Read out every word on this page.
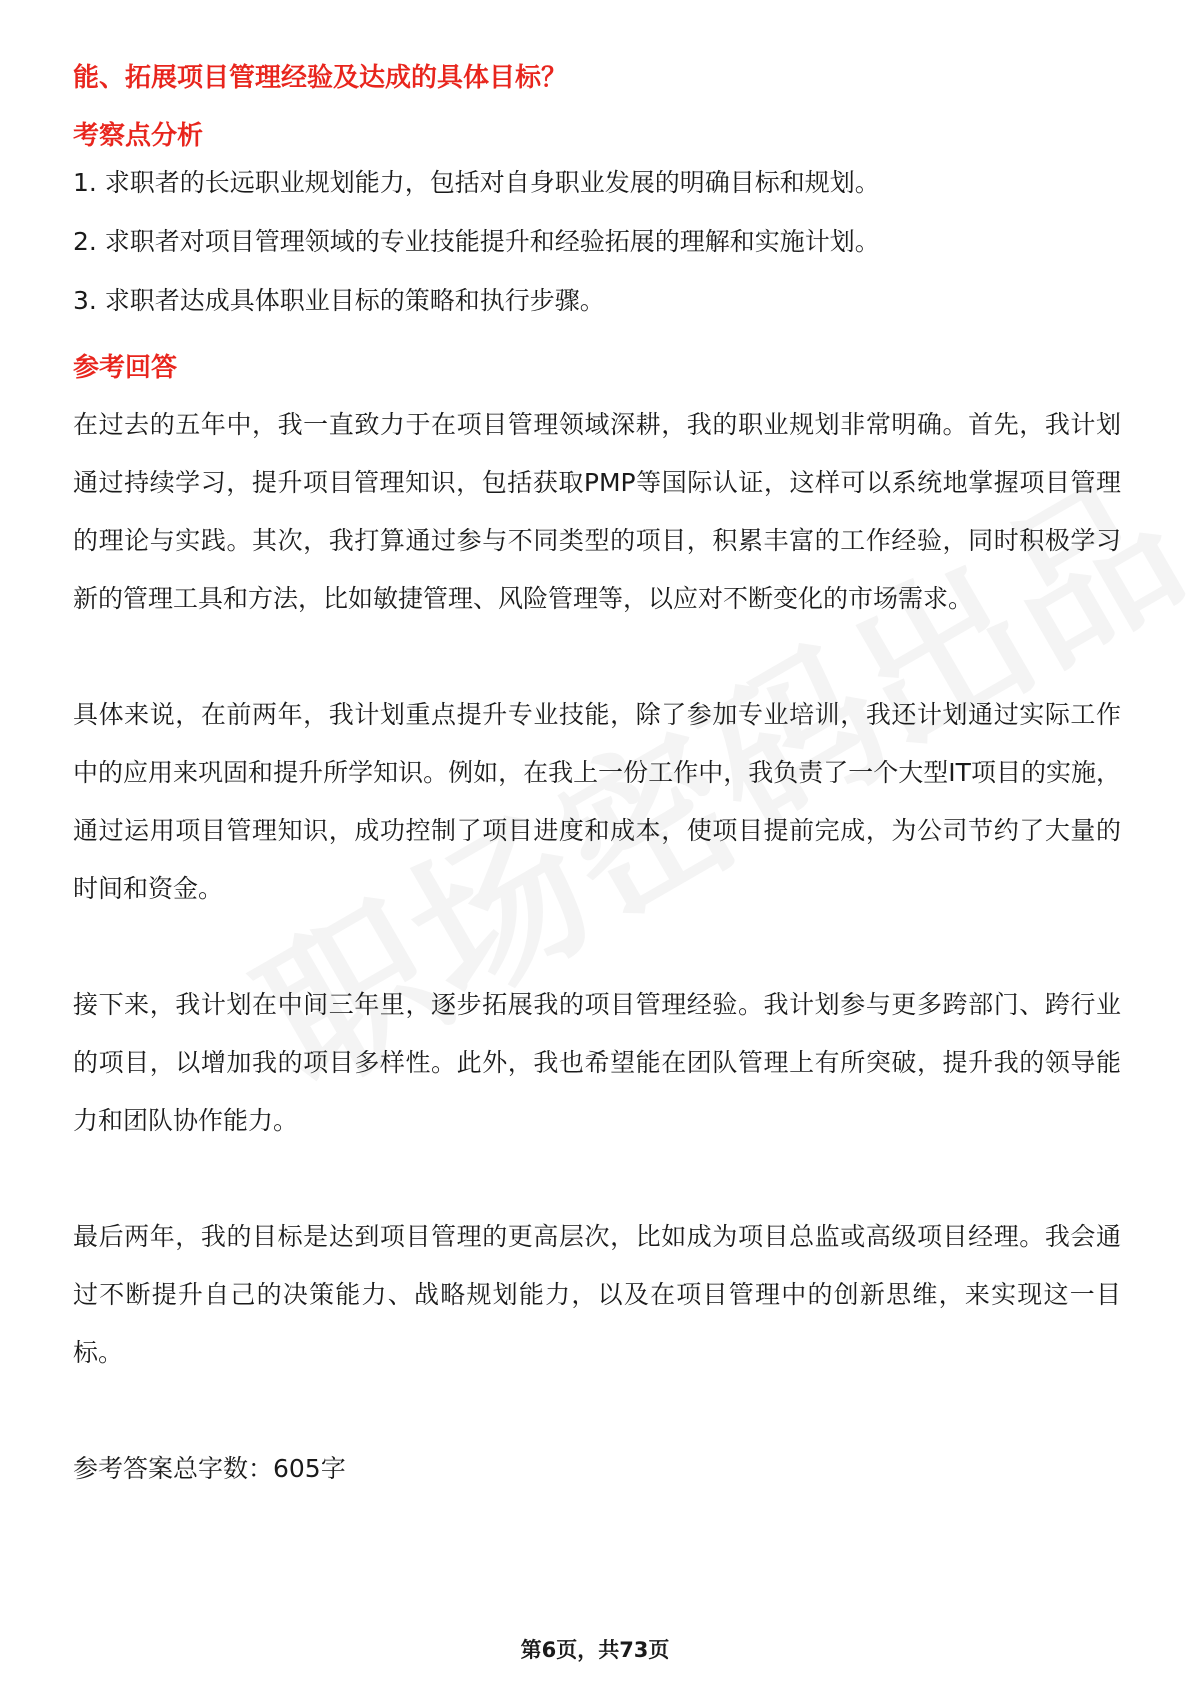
能、拓展项目管理经验及达成的具体目标？
考察点分析
1. 求职者的长远职业规划能力，包括对自身职业发展的明确目标和规划。
2. 求职者对项目管理领域的专业技能提升和经验拓展的理解和实施计划。
3. 求职者达成具体职业目标的策略和执行步骤。
参考回答

在过去的五年中，我一直致力于在项目管理领域深耕，我的职业规划非常明确。首先，我计划通过持续学习，提升项目管理知识，包括获取PMP等国际认证，这样可以系统地掌握项目管理的理论与实践。其次，我打算通过参与不同类型的项目，积累丰富的工作经验，同时积极学习新的管理工具和方法，比如敏捷管理、风险管理等，以应对不断变化的市场需求。

具体来说，在前两年，我计划重点提升专业技能，除了参加专业培训，我还计划通过实际工作中的应用来巩固和提升所学知识。例如，在我上一份工作中，我负责了一个大型IT项目的实施，通过运用项目管理知识，成功控制了项目进度和成本，使项目提前完成，为公司节约了大量的时间和资金。

接下来，我计划在中间三年里，逐步拓展我的项目管理经验。我计划参与更多跨部门、跨行业的项目，以增加我的项目多样性。此外，我也希望能在团队管理上有所突破，提升我的领导能力和团队协作能力。

最后两年，我的目标是达到项目管理的更高层次，比如成为项目总监或高级项目经理。我会通过不断提升自己的决策能力、战略规划能力，以及在项目管理中的创新思维，来实现这一目标。

参考答案总字数：605字

第6页，共73页
